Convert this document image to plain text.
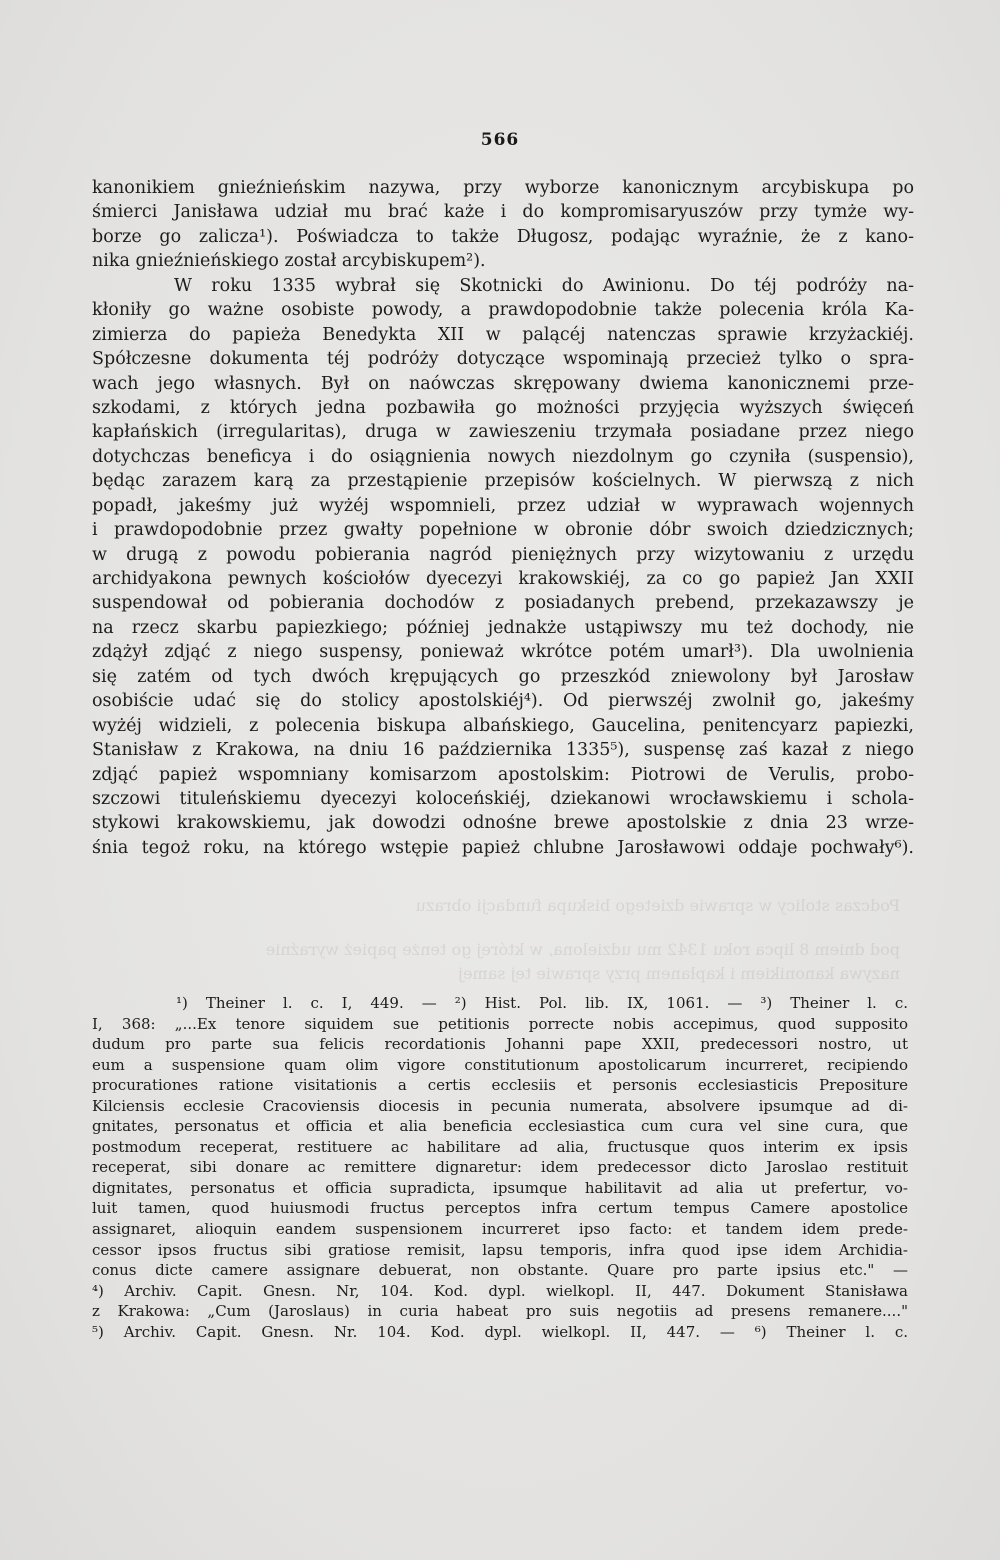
Podczas stolicy w sprawie dzietego biskupa fundacji obrazu
pod dniem 8 lipca roku 1342 mu udzielona, w której go tenże papież wyraźnie
nazywa kanonikiem i kapłanem przy sprawie tej samej
566
kanonikiem gnieźnieńskim nazywa, przy wyborze kanonicznym arcybiskupa po
śmierci Janisława udział mu brać każe i do kompromisaryuszów przy tymże wy-
borze go zalicza¹). Poświadcza to także Długosz, podając wyraźnie, że z kano-
nika gnieźnieńskiego został arcybiskupem²).
W roku 1335 wybrał się Skotnicki do Awinionu. Do téj podróży na-
kłoniły go ważne osobiste powody, a prawdopodobnie także polecenia króla Ka-
zimierza do papieża Benedykta XII w palącéj natenczas sprawie krzyżackiéj.
Spółczesne dokumenta téj podróży dotyczące wspominają przecież tylko o spra-
wach jego własnych. Był on naówczas skrępowany dwiema kanonicznemi prze-
szkodami, z których jedna pozbawiła go możności przyjęcia wyższych święceń
kapłańskich (irregularitas), druga w zawieszeniu trzymała posiadane przez niego
dotychczas beneficya i do osiągnienia nowych niezdolnym go czyniła (suspensio),
będąc zarazem karą za przestąpienie przepisów kościelnych. W pierwszą z nich
popadł, jakeśmy już wyżéj wspomnieli, przez udział w wyprawach wojennych
i prawdopodobnie przez gwałty popełnione w obronie dóbr swoich dziedzicznych;
w drugą z powodu pobierania nagród pieniężnych przy wizytowaniu z urzędu
archidyakona pewnych kościołów dyecezyi krakowskiéj, za co go papież Jan XXII
suspendował od pobierania dochodów z posiadanych prebend, przekazawszy je
na rzecz skarbu papiezkiego; później jednakże ustąpiwszy mu też dochody, nie
zdążył zdjąć z niego suspensy, ponieważ wkrótce potém umarł³). Dla uwolnienia
się zatém od tych dwóch krępujących go przeszkód zniewolony był Jarosław
osobiście udać się do stolicy apostolskiéj⁴). Od pierwszéj zwolnił go, jakeśmy
wyżéj widzieli, z polecenia biskupa albańskiego, Gaucelina, penitencyarz papiezki,
Stanisław z Krakowa, na dniu 16 października 1335⁵), suspensę zaś kazał z niego
zdjąć papież wspomniany komisarzom apostolskim: Piotrowi de Verulis, probo-
szczowi tituleńskiemu dyecezyi koloceńskiéj, dziekanowi wrocławskiemu i schola-
stykowi krakowskiemu, jak dowodzi odnośne brewe apostolskie z dnia 23 wrze-
śnia tegoż roku, na którego wstępie papież chlubne Jarosławowi oddaje pochwały⁶).
¹) Theiner l. c. I, 449. — ²) Hist. Pol. lib. IX, 1061. — ³) Theiner l. c.
I, 368: „...Ex tenore siquidem sue petitionis porrecte nobis accepimus, quod supposito
dudum pro parte sua felicis recordationis Johanni pape XXII, predecessori nostro, ut
eum a suspensione quam olim vigore constitutionum apostolicarum incurreret, recipiendo
procurationes ratione visitationis a certis ecclesiis et personis ecclesiasticis Prepositure
Kilciensis ecclesie Cracoviensis diocesis in pecunia numerata, absolvere ipsumque ad di-
gnitates, personatus et officia et alia beneficia ecclesiastica cum cura vel sine cura, que
postmodum receperat, restituere ac habilitare ad alia, fructusque quos interim ex ipsis
receperat, sibi donare ac remittere dignaretur: idem predecessor dicto Jaroslao restituit
dignitates, personatus et officia supradicta, ipsumque habilitavit ad alia ut prefertur, vo-
luit tamen, quod huiusmodi fructus perceptos infra certum tempus Camere apostolice
assignaret, alioquin eandem suspensionem incurreret ipso facto: et tandem idem prede-
cessor ipsos fructus sibi gratiose remisit, lapsu temporis, infra quod ipse idem Archidia-
conus dicte camere assignare debuerat, non obstante. Quare pro parte ipsius etc." —
⁴) Archiv. Capit. Gnesn. Nr, 104. Kod. dypl. wielkopl. II, 447. Dokument Stanisława
z Krakowa: „Cum (Jaroslaus) in curia habeat pro suis negotiis ad presens remanere...."
⁵) Archiv. Capit. Gnesn. Nr. 104. Kod. dypl. wielkopl. II, 447. — ⁶) Theiner l. c.
